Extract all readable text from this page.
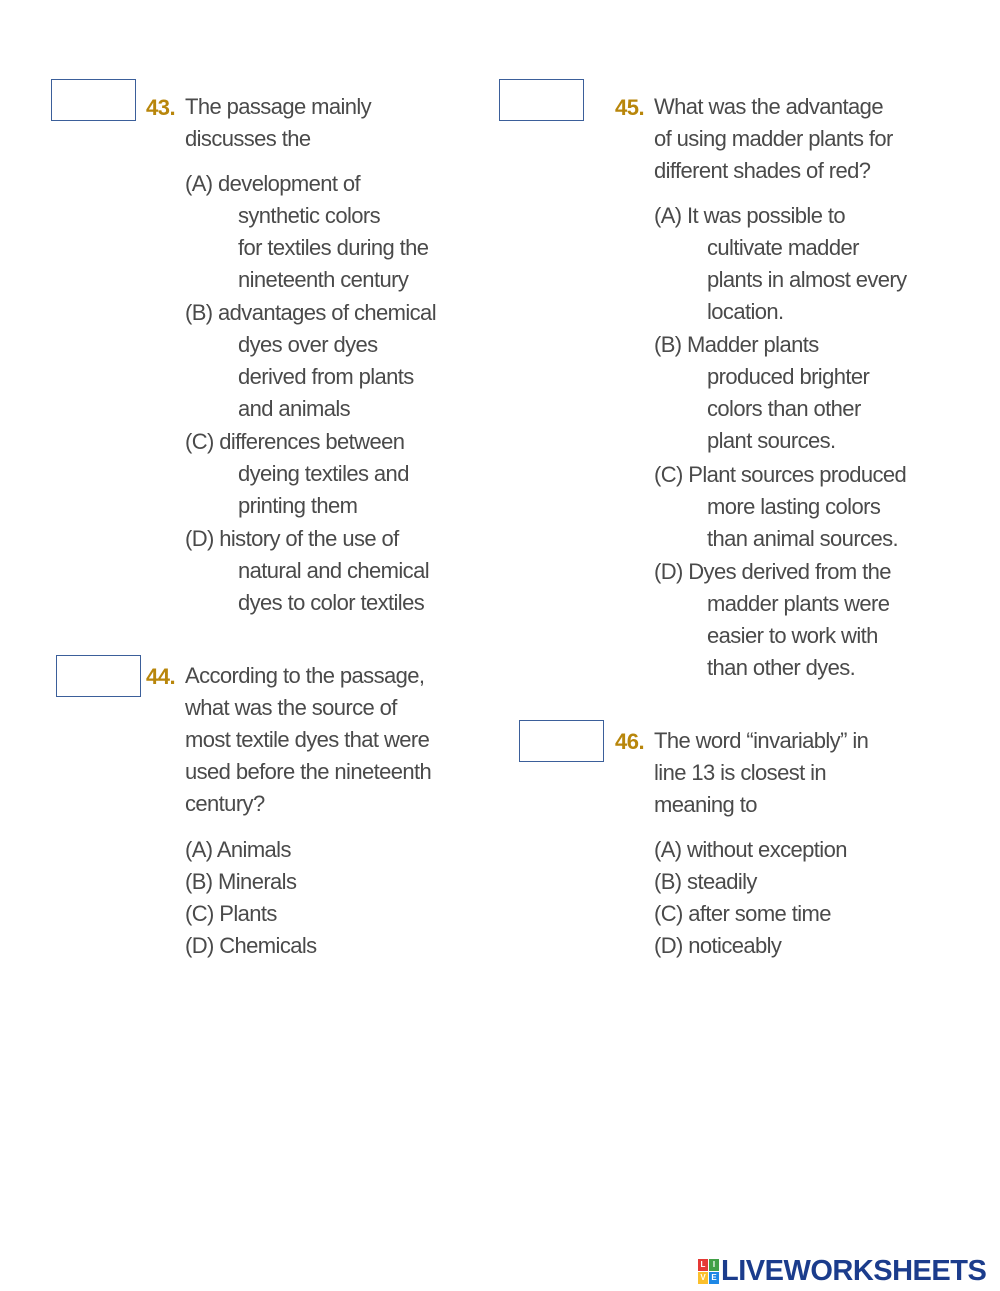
43. The passage mainly
discusses the
(A) development of
synthetic colors
for textiles during the
nineteenth century
(B) advantages of chemical
dyes over dyes
derived from plants
and animals
(C) differences between
dyeing textiles and
printing them
(D) history of the use of
natural and chemical
dyes to color textiles
44. According to the passage,
what was the source of
most textile dyes that were
used before the nineteenth
century?
(A) Animals
(B) Minerals
(C) Plants
(D) Chemicals
45. What was the advantage
of using madder plants for
different shades of red?
(A) It was possible to
cultivate madder
plants in almost every
location.
(B) Madder plants
produced brighter
colors than other
plant sources.
(C) Plant sources produced
more lasting colors
than animal sources.
(D) Dyes derived from the
madder plants were
easier to work with
than other dyes.
46. The word “invariably” in
line 13 is closest in
meaning to
(A) without exception
(B) steadily
(C) after some time
(D) noticeably
L I
V E LIVEWORKSHEETS
